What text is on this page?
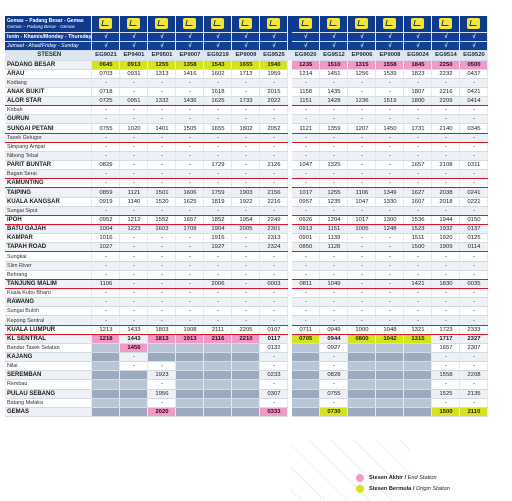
Gemas – Padang Besar - Gemas
Gemas – Padang Besar - Gemas															

Isnin - Khamis/Monday - Thursday	√	√	√	√	√	√	√		√	√	√	√	√	√	√
Jumaat - Ahad/Friday - Sunday	√	√	√	√	√	√	√		√	√	√	√	√	√	√
STESEN	EG9021	EP9401	EP9501	EP9007	EG9219	EP9009	EG9525		EG9020	EG9512	EP9006	EP9008	EG9024	EG9514	EG9520
PADANG BESAR	0645	0913	1255	1358	1543	1655	1940		1235	1510	1315	1558	1845	2250	0500
ARAU	0703	0931	1313	1416	1602	1713	1959		1214	1451	1256	1539	1823	2232	0437
Kodiang	-	-	-	-	-	-	-		-	-	-	-	-	-	-
ANAK BUKIT	0718	-	-	-	1618	-	2015		1158	1435	-	-	1807	2216	0421
ALOR STAR	0725	0951	1332	1436	1625	1733	2022		1151	1428	1236	1519	1800	2209	0414
Kobah	-	-	-	-	-	-	-		-	-	-	-	-	-	-
GURUN	-	-	-	-	-	-	-		-	-	-	-	-	-	-
SUNGAI PETANI	0755	1020	1401	1505	1655	1802	2052		1121	1359	1207	1450	1731	2140	0345
Tasek Gelugor	-	-	-	-	-	-	-		-	-	-	-	-	-	-
Simpang Ampat	-	-	-	-	-	-	-		-	-	-	-	-	-	-
Nibong Tebal	-	-	-	-	-	-	-		-	-	-	-	-	-	-
PARIT BUNTAR	0829	-	-	-	1729	-	2126		1047	1325	-	-	1657	2108	0311
Bagan Serai	-	-	-	-	-	-	-		-	-	-	-	-	-	-
KAMUNTING	-	-	-	-	-	-	-		-	-	-	-	-	-	-
TAIPING	0859	1121	1501	1606	1759	1903	2156		1017	1255	1106	1349	1627	2038	0241
KUALA KANGSAR	0919	1140	1520	1625	1819	1922	2216		0957	1235	1047	1330	1607	2018	0221
Sungai Siput	-	-	-	-	-	-	-		-	-	-	-	-	-	-
IPOH	0952	1212	1552	1657	1852	1954	2249		0926	1204	1017	1300	1536	1944	0150
BATU GAJAH	1004	1223	1603	1708	1904	2005	2301		0913	1151	1005	1248	1523	1932	0137
KAMPAR	1016	-	-	-	1916	-	2313		0901	1139	-	-	1511	1920	0125
TAPAH ROAD	1027	-	-	-	1927	-	2324		0850	1128	-	-	1500	1909	0114
Sungkai	-	-	-	-	-	-	-		-	-	-	-	-	-	-
Slim River	-	-	-	-	-	-	-		-	-	-	-	-	-	-
Behrang	-	-	-	-	-	-	-		-	-	-	-	-	-	-
TANJUNG MALIM	1106	-	-	-	2006	-	0003		0811	1049	-	-	1421	1830	0035
Kuala Kubu Bharu	-	-	-	-	-	-	-		-	-	-	-	-	-	-
RAWANG	-	-	-	-	-	-	-		-	-	-	-	-	-	-
Sungai Buloh	-	-	-	-	-	-	-		-	-	-	-	-	-	-
Kepong Sentral	-	-	-	-	-	-	-		-	-	-	-	-	-	-
KUALA LUMPUR	1213	1433	1803	1908	2111	2205	0107		0711	0949	1000	1048	1321	1723	2333
KL SENTRAL	1218	1443	1813	1913	2116	2210	0117		0705	0944	0800	1042	1315	1717	2327
Bandar Tasek Selatan		1456					0132			0927				1657	2307
KAJANG		-					-			-				-	-
Nilai		-	-				-			-				-	-
SEREMBAN			1923				0233			0828				1558	2208
Rembau			-				-			-				-	-
PULAU SEBANG			1956				0307			0755				1525	2135
Batang Melaka			-				-			-				-	-
GEMAS			2020				0333			0730				1500	2110
Stesen Akhir /
End Station
Stesen Bermula /
Origin Station
